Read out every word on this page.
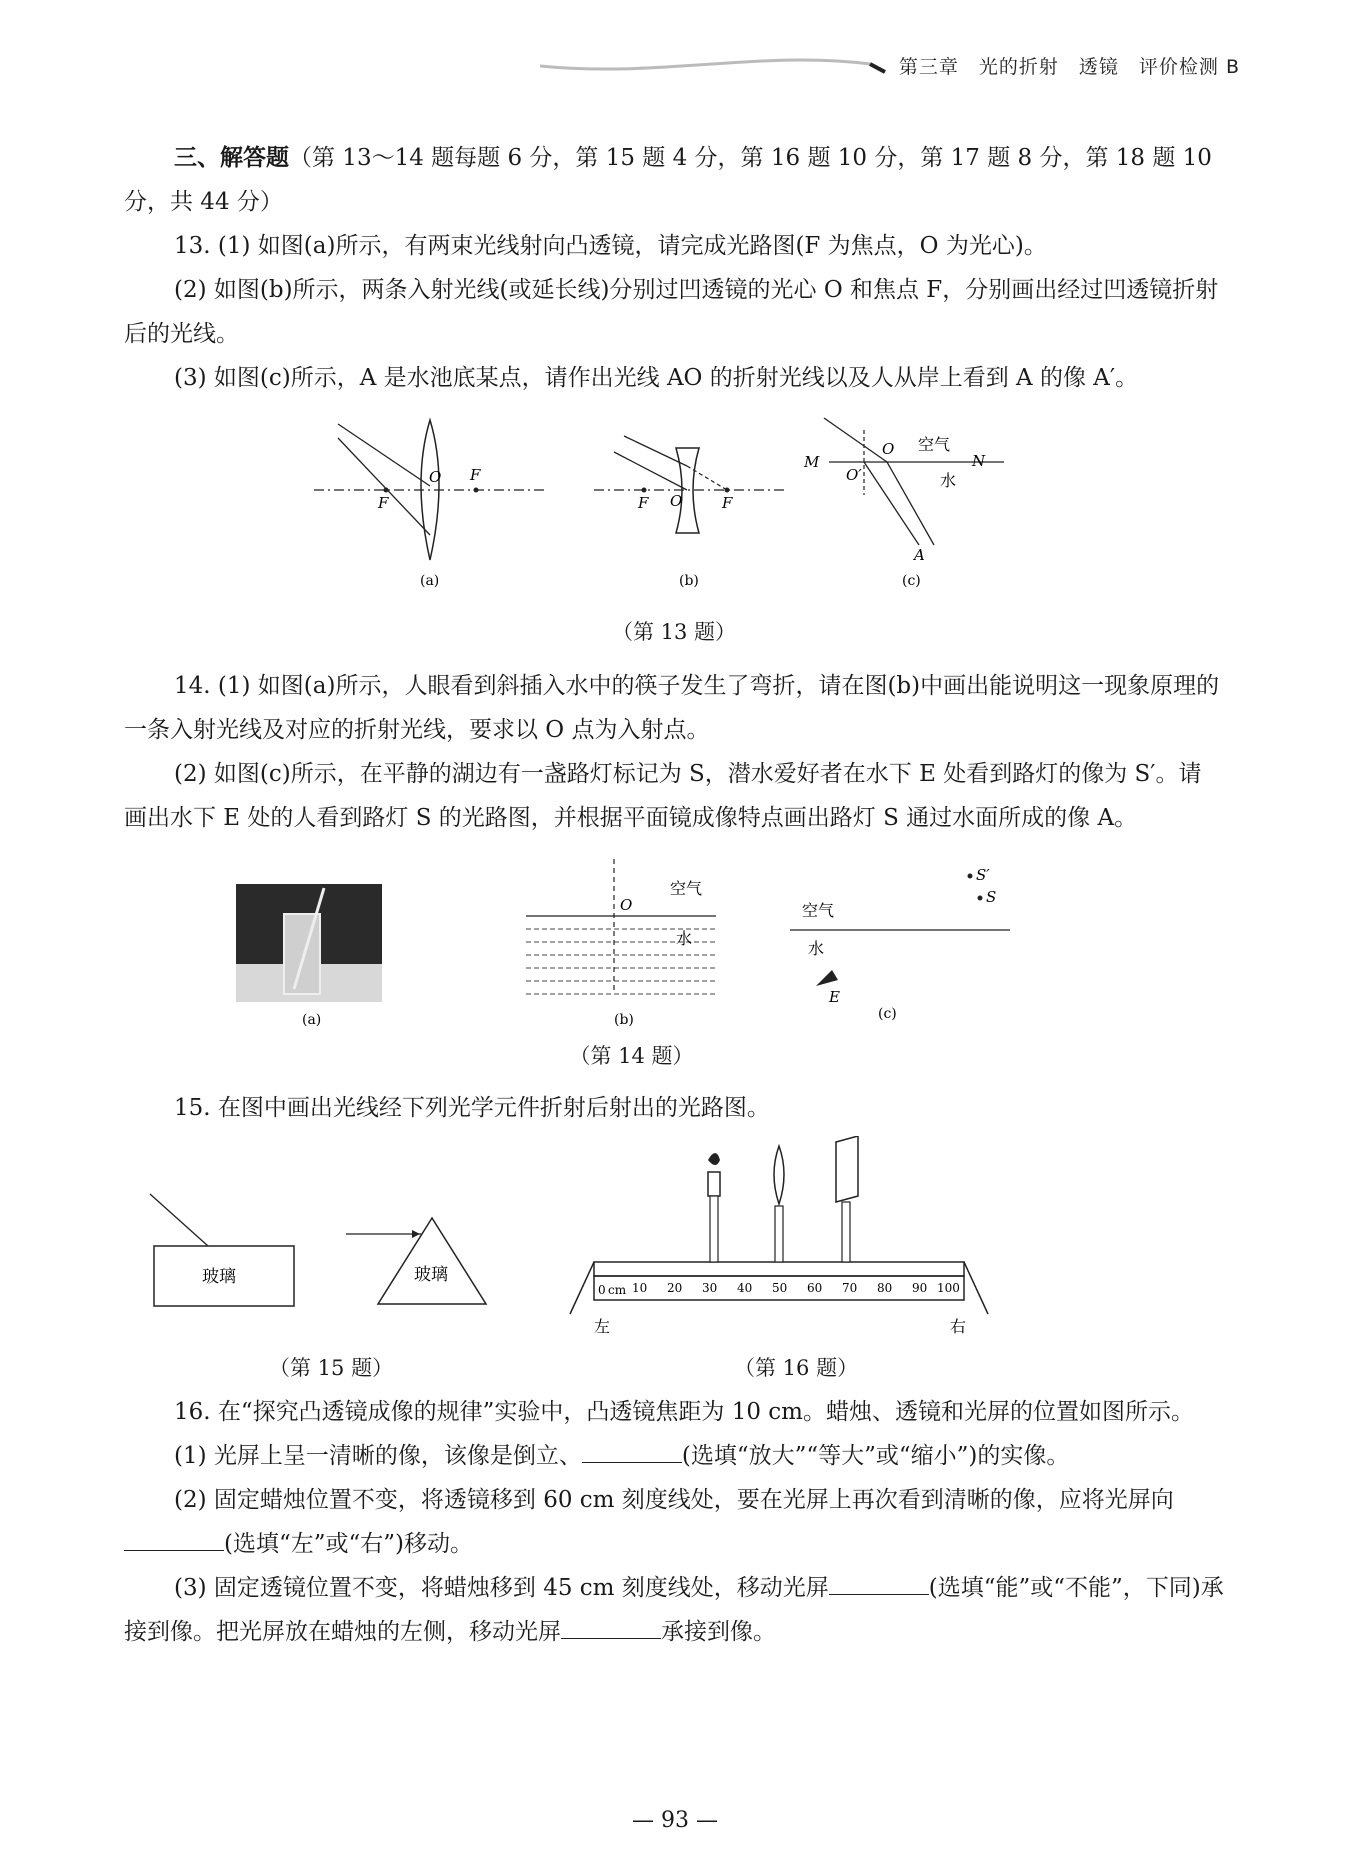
第三章　光的折射　透镜　评价检测 B

三、解答题（第 13～14 题每题 6 分，第 15 题 4 分，第 16 题 10 分，第 17 题 8 分，第 18 题 10 分，共 44 分）

13. (1) 如图(a)所示，有两束光线射向凸透镜，请完成光路图(F 为焦点，O 为光心)。

(2) 如图(b)所示，两条入射光线(或延长线)分别过凹透镜的光心 O 和焦点 F，分别画出经过凹透镜折射后的光线。

(3) 如图(c)所示，A 是水池底某点，请作出光线 AO 的折射光线以及人从岸上看到 A 的像 A′。

O F
F
(a)
F O	F
(b)
M
O
O′
空气
N
水
A
(c)

（第 13 题）

14. (1) 如图(a)所示，人眼看到斜插入水中的筷子发生了弯折，请在图(b)中画出能说明这一现象原理的一条入射光线及对应的折射光线，要求以 O 点为入射点。

(2) 如图(c)所示，在平静的湖边有一盏路灯标记为 S，潜水爱好者在水下 E 处看到路灯的像为 S′。请画出水下 E 处的人看到路灯 S 的光路图，并根据平面镜成像特点画出路灯 S 通过水面所成的像 A。

(a)
O
空气
水
(b)
空气
水
S′
S
E
(c)

（第 14 题）

15. 在图中画出光线经下列光学元件折射后射出的光路图。

玻璃	玻璃
0 cm 10 20 30 40 50 60 70 80 90 100
左	右
（第 15 题）	（第 16 题）

16. 在“探究凸透镜成像的规律”实验中，凸透镜焦距为 10 cm。蜡烛、透镜和光屏的位置如图所示。

(1) 光屏上呈一清晰的像，该像是倒立、	(选填“放大”“等大”或“缩小”)的实像。

(2) 固定蜡烛位置不变，将透镜移到 60 cm 刻度线处，要在光屏上再次看到清晰的像，应将光屏向(选填“左”或“右”)移动。

(3) 固定透镜位置不变，将蜡烛移到 45 cm 刻度线处，移动光屏	(选填“能”或“不能”，下同)承接到像。把光屏放在蜡烛的左侧，移动光屏	承接到像。

— 93 —
